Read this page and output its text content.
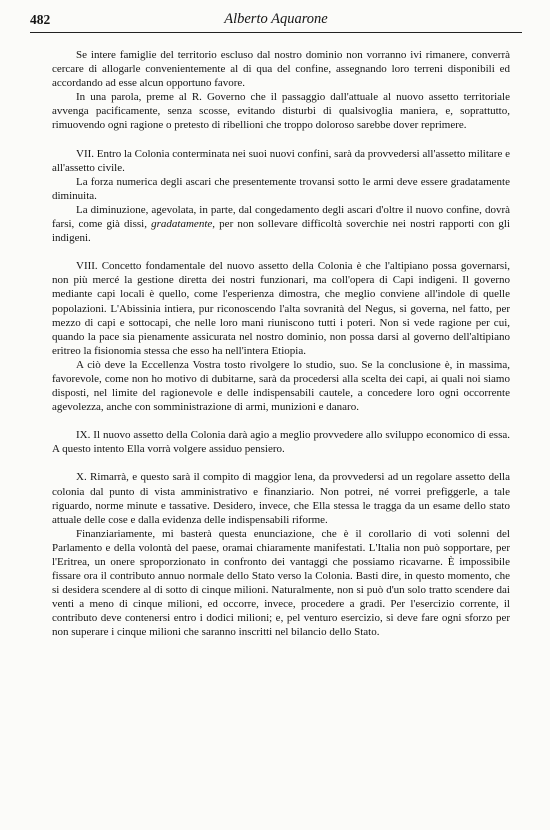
482	Alberto Aquarone

Se intere famiglie del territorio escluso dal nostro dominio non vorranno ivi rimanere, converrà cercare di allogarle convenientemente al di qua del confine, assegnando loro terreni disponibili ed accordando ad esse alcun opportuno favore.

In una parola, preme al R. Governo che il passaggio dall'attuale al nuovo assetto territoriale avvenga pacificamente, senza scosse, evitando disturbi di qualsivoglia maniera, e, soprattutto, rimuovendo ogni ragione o pretesto di ribellioni che troppo doloroso sarebbe dover reprimere.

VII. Entro la Colonia conterminata nei suoi nuovi confini, sarà da provvedersi all'assetto militare e all'assetto civile.

La forza numerica degli ascari che presentemente trovansi sotto le armi deve essere gradatamente diminuita.

La diminuzione, agevolata, in parte, dal congedamento degli ascari d'oltre il nuovo confine, dovrà farsi, come già dissi, gradatamente, per non sollevare difficoltà soverchie nei nostri rapporti con gli indigeni.

VIII. Concetto fondamentale del nuovo assetto della Colonia è che l'altipiano possa governarsi, non più mercé la gestione diretta dei nostri funzionari, ma coll'opera di Capi indigeni. Il governo mediante capi locali è quello, come l'esperienza dimostra, che meglio conviene all'indole di quelle popolazioni. L'Abissinia intiera, pur riconoscendo l'alta sovranità del Negus, si governa, nel fatto, per mezzo di capi e sottocapi, che nelle loro mani riuniscono tutti i poteri. Non si vede ragione per cui, quando la pace sia pienamente assicurata nel nostro dominio, non possa darsi al governo dell'altipiano eritreo la fisionomia stessa che esso ha nell'intera Etiopia.

A ciò deve la Eccellenza Vostra tosto rivolgere lo studio, suo. Se la conclusione è, in massima, favorevole, come non ho motivo di dubitarne, sarà da procedersi alla scelta dei capi, ai quali noi siamo disposti, nel limite del ragionevole e delle indispensabili cautele, a concedere loro ogni occorrente agevolezza, anche con somministrazione di armi, munizioni e danaro.

IX. Il nuovo assetto della Colonia darà agio a meglio provvedere allo sviluppo economico di essa. A questo intento Ella vorrà volgere assiduo pensiero.

X. Rimarrà, e questo sarà il compito di maggior lena, da provvedersi ad un regolare assetto della colonia dal punto di vista amministrativo e finanziario. Non potrei, né vorrei prefiggerle, a tale riguardo, norme minute e tassative. Desidero, invece, che Ella stessa le tragga da un esame dello stato attuale delle cose e dalla evidenza delle indispensabili riforme.

Finanziariamente, mi basterà questa enunciazione, che è il corollario di voti solenni del Parlamento e della volontà del paese, oramai chiaramente manifestati. L'Italia non può sopportare, per l'Eritrea, un onere sproporzionato in confronto dei vantaggi che possiamo ricavarne. È impossibile fissare ora il contributo annuo normale dello Stato verso la Colonia. Basti dire, in questo momento, che si desidera scendere al di sotto di cinque milioni. Naturalmente, non si può d'un solo tratto scendere dai venti a meno di cinque milioni, ed occorre, invece, procedere a gradi. Per l'esercizio corrente, il contributo deve contenersi entro i dodici milioni; e, pel venturo esercizio, si deve fare ogni sforzo per non superare i cinque milioni che saranno inscritti nel bilancio dello Stato.
